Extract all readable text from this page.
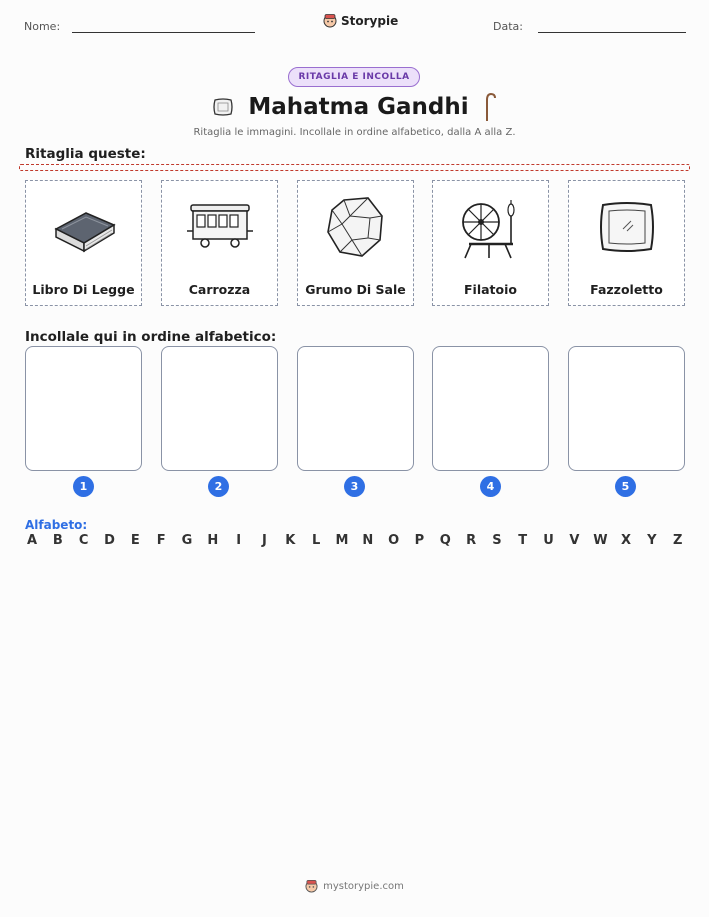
Nome:	Storypie	Data:
RITAGLIA E INCOLLA
Mahatma Gandhi
Ritaglia le immagini. Incollale in ordine alfabetico, dalla A alla Z.
Ritaglia queste:
Libro Di Legge	Carrozza	Grumo Di Sale	Filatoio	Fazzoletto
Incollale qui in ordine alfabetico:
1	2	3	4	5
Alfabeto:
A B C D E F G H	I	J	K L M N O P Q R S T U V W X Y Z
mystorypie.com
